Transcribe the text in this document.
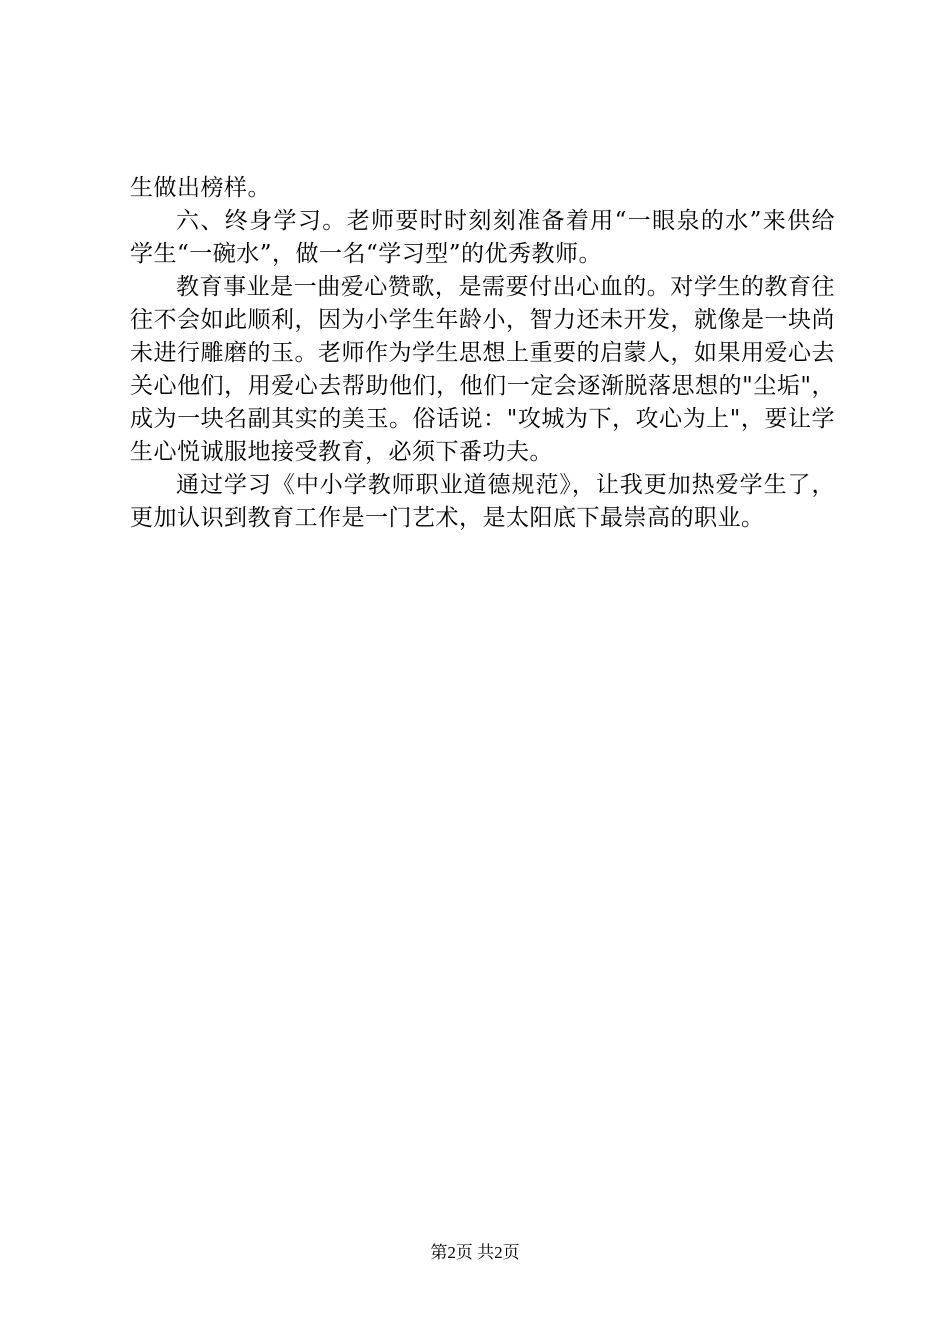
生做出榜样。

六、终身学习。老师要时时刻刻准备着用“一眼泉的水”来供给学生“一碗水”，做一名“学习型”的优秀教师。

教育事业是一曲爱心赞歌，是需要付出心血的。对学生的教育往往不会如此顺利，因为小学生年龄小，智力还未开发，就像是一块尚未进行雕磨的玉。老师作为学生思想上重要的启蒙人，如果用爱心去关心他们，用爱心去帮助他们，他们一定会逐渐脱落思想的"尘垢"，成为一块名副其实的美玉。俗话说："攻城为下，攻心为上"，要让学生心悦诚服地接受教育，必须下番功夫。

通过学习《中小学教师职业道德规范》，让我更加热爱学生了，更加认识到教育工作是一门艺术，是太阳底下最崇高的职业。

第2页 共2页
